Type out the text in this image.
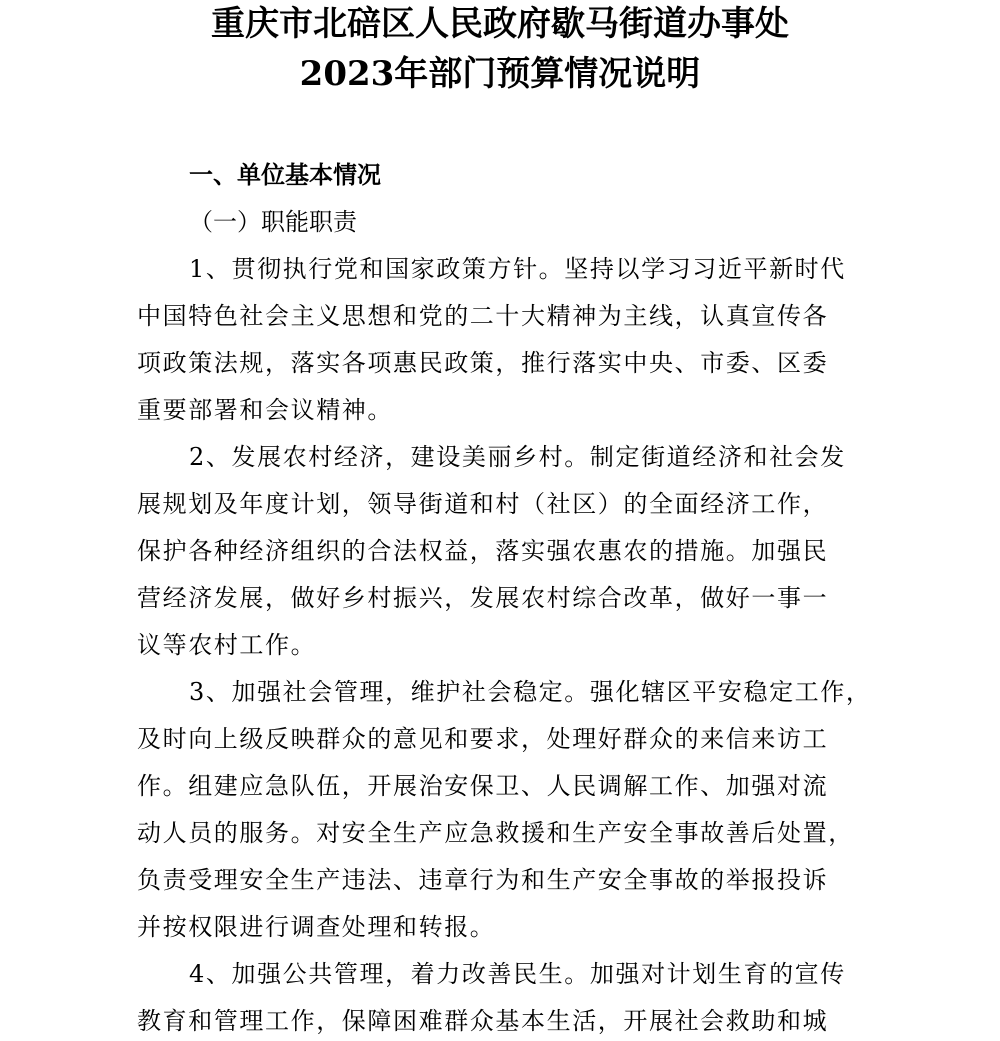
重庆市北碚区人民政府歇马街道办事处
2023年部门预算情况说明
一、单位基本情况
（一）职能职责
1、贯彻执行党和国家政策方针。坚持以学习习近平新时代
中国特色社会主义思想和党的二十大精神为主线，认真宣传各
项政策法规，落实各项惠民政策，推行落实中央、市委、区委
重要部署和会议精神。
2、发展农村经济，建设美丽乡村。制定街道经济和社会发
展规划及年度计划，领导街道和村（社区）的全面经济工作，
保护各种经济组织的合法权益，落实强农惠农的措施。加强民
营经济发展，做好乡村振兴，发展农村综合改革，做好一事一
议等农村工作。
3、加强社会管理，维护社会稳定。强化辖区平安稳定工作，
及时向上级反映群众的意见和要求，处理好群众的来信来访工
作。组建应急队伍，开展治安保卫、人民调解工作、加强对流
动人员的服务。对安全生产应急救援和生产安全事故善后处置，
负责受理安全生产违法、违章行为和生产安全事故的举报投诉
并按权限进行调查处理和转报。
4、加强公共管理，着力改善民生。加强对计划生育的宣传
教育和管理工作，保障困难群众基本生活，开展社会救助和城
